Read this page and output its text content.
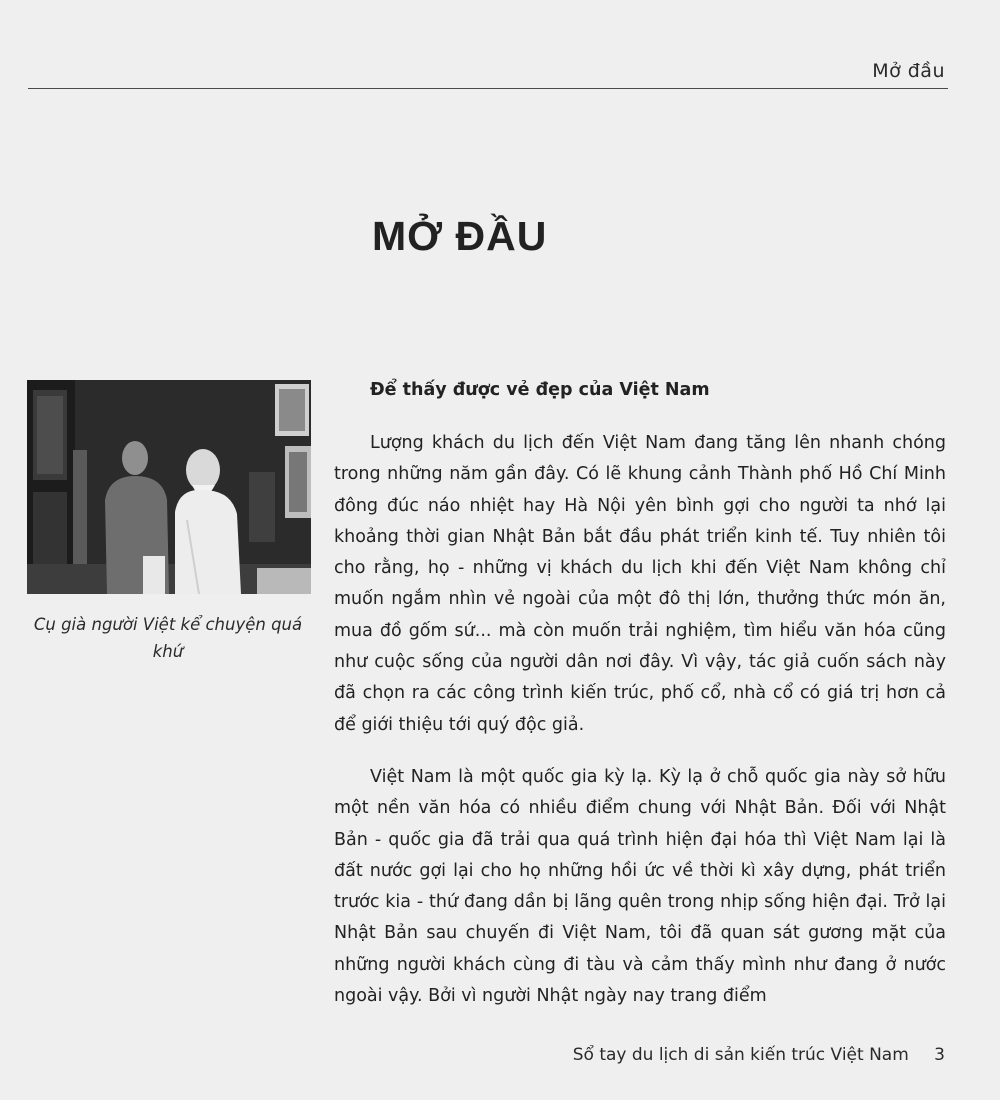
Mở đầu
MỞ ĐẦU
Cụ già người Việt kể chuyện quá khứ
Để thấy được vẻ đẹp của Việt Nam

Lượng khách du lịch đến Việt Nam đang tăng lên nhanh chóng trong những năm gần đây. Có lẽ khung cảnh Thành phố Hồ Chí Minh đông đúc náo nhiệt hay Hà Nội yên bình gợi cho người ta nhớ lại khoảng thời gian Nhật Bản bắt đầu phát triển kinh tế. Tuy nhiên tôi cho rằng, họ - những vị khách du lịch khi đến Việt Nam không chỉ muốn ngắm nhìn vẻ ngoài của một đô thị lớn, thưởng thức món ăn, mua đồ gốm sứ... mà còn muốn trải nghiệm, tìm hiểu văn hóa cũng như cuộc sống của người dân nơi đây. Vì vậy, tác giả cuốn sách này đã chọn ra các công trình kiến trúc, phố cổ, nhà cổ có giá trị hơn cả để giới thiệu tới quý độc giả.

Việt Nam là một quốc gia kỳ lạ. Kỳ lạ ở chỗ quốc gia này sở hữu một nền văn hóa có nhiều điểm chung với Nhật Bản. Đối với Nhật Bản - quốc gia đã trải qua quá trình hiện đại hóa thì Việt Nam lại là đất nước gợi lại cho họ những hồi ức về thời kì xây dựng, phát triển trước kia - thứ đang dần bị lãng quên trong nhịp sống hiện đại. Trở lại Nhật Bản sau chuyến đi Việt Nam, tôi đã quan sát gương mặt của những người khách cùng đi tàu và cảm thấy mình như đang ở nước ngoài vậy. Bởi vì người Nhật ngày nay trang điểm

Sổ tay du lịch di sản kiến trúc Việt Nam 3
